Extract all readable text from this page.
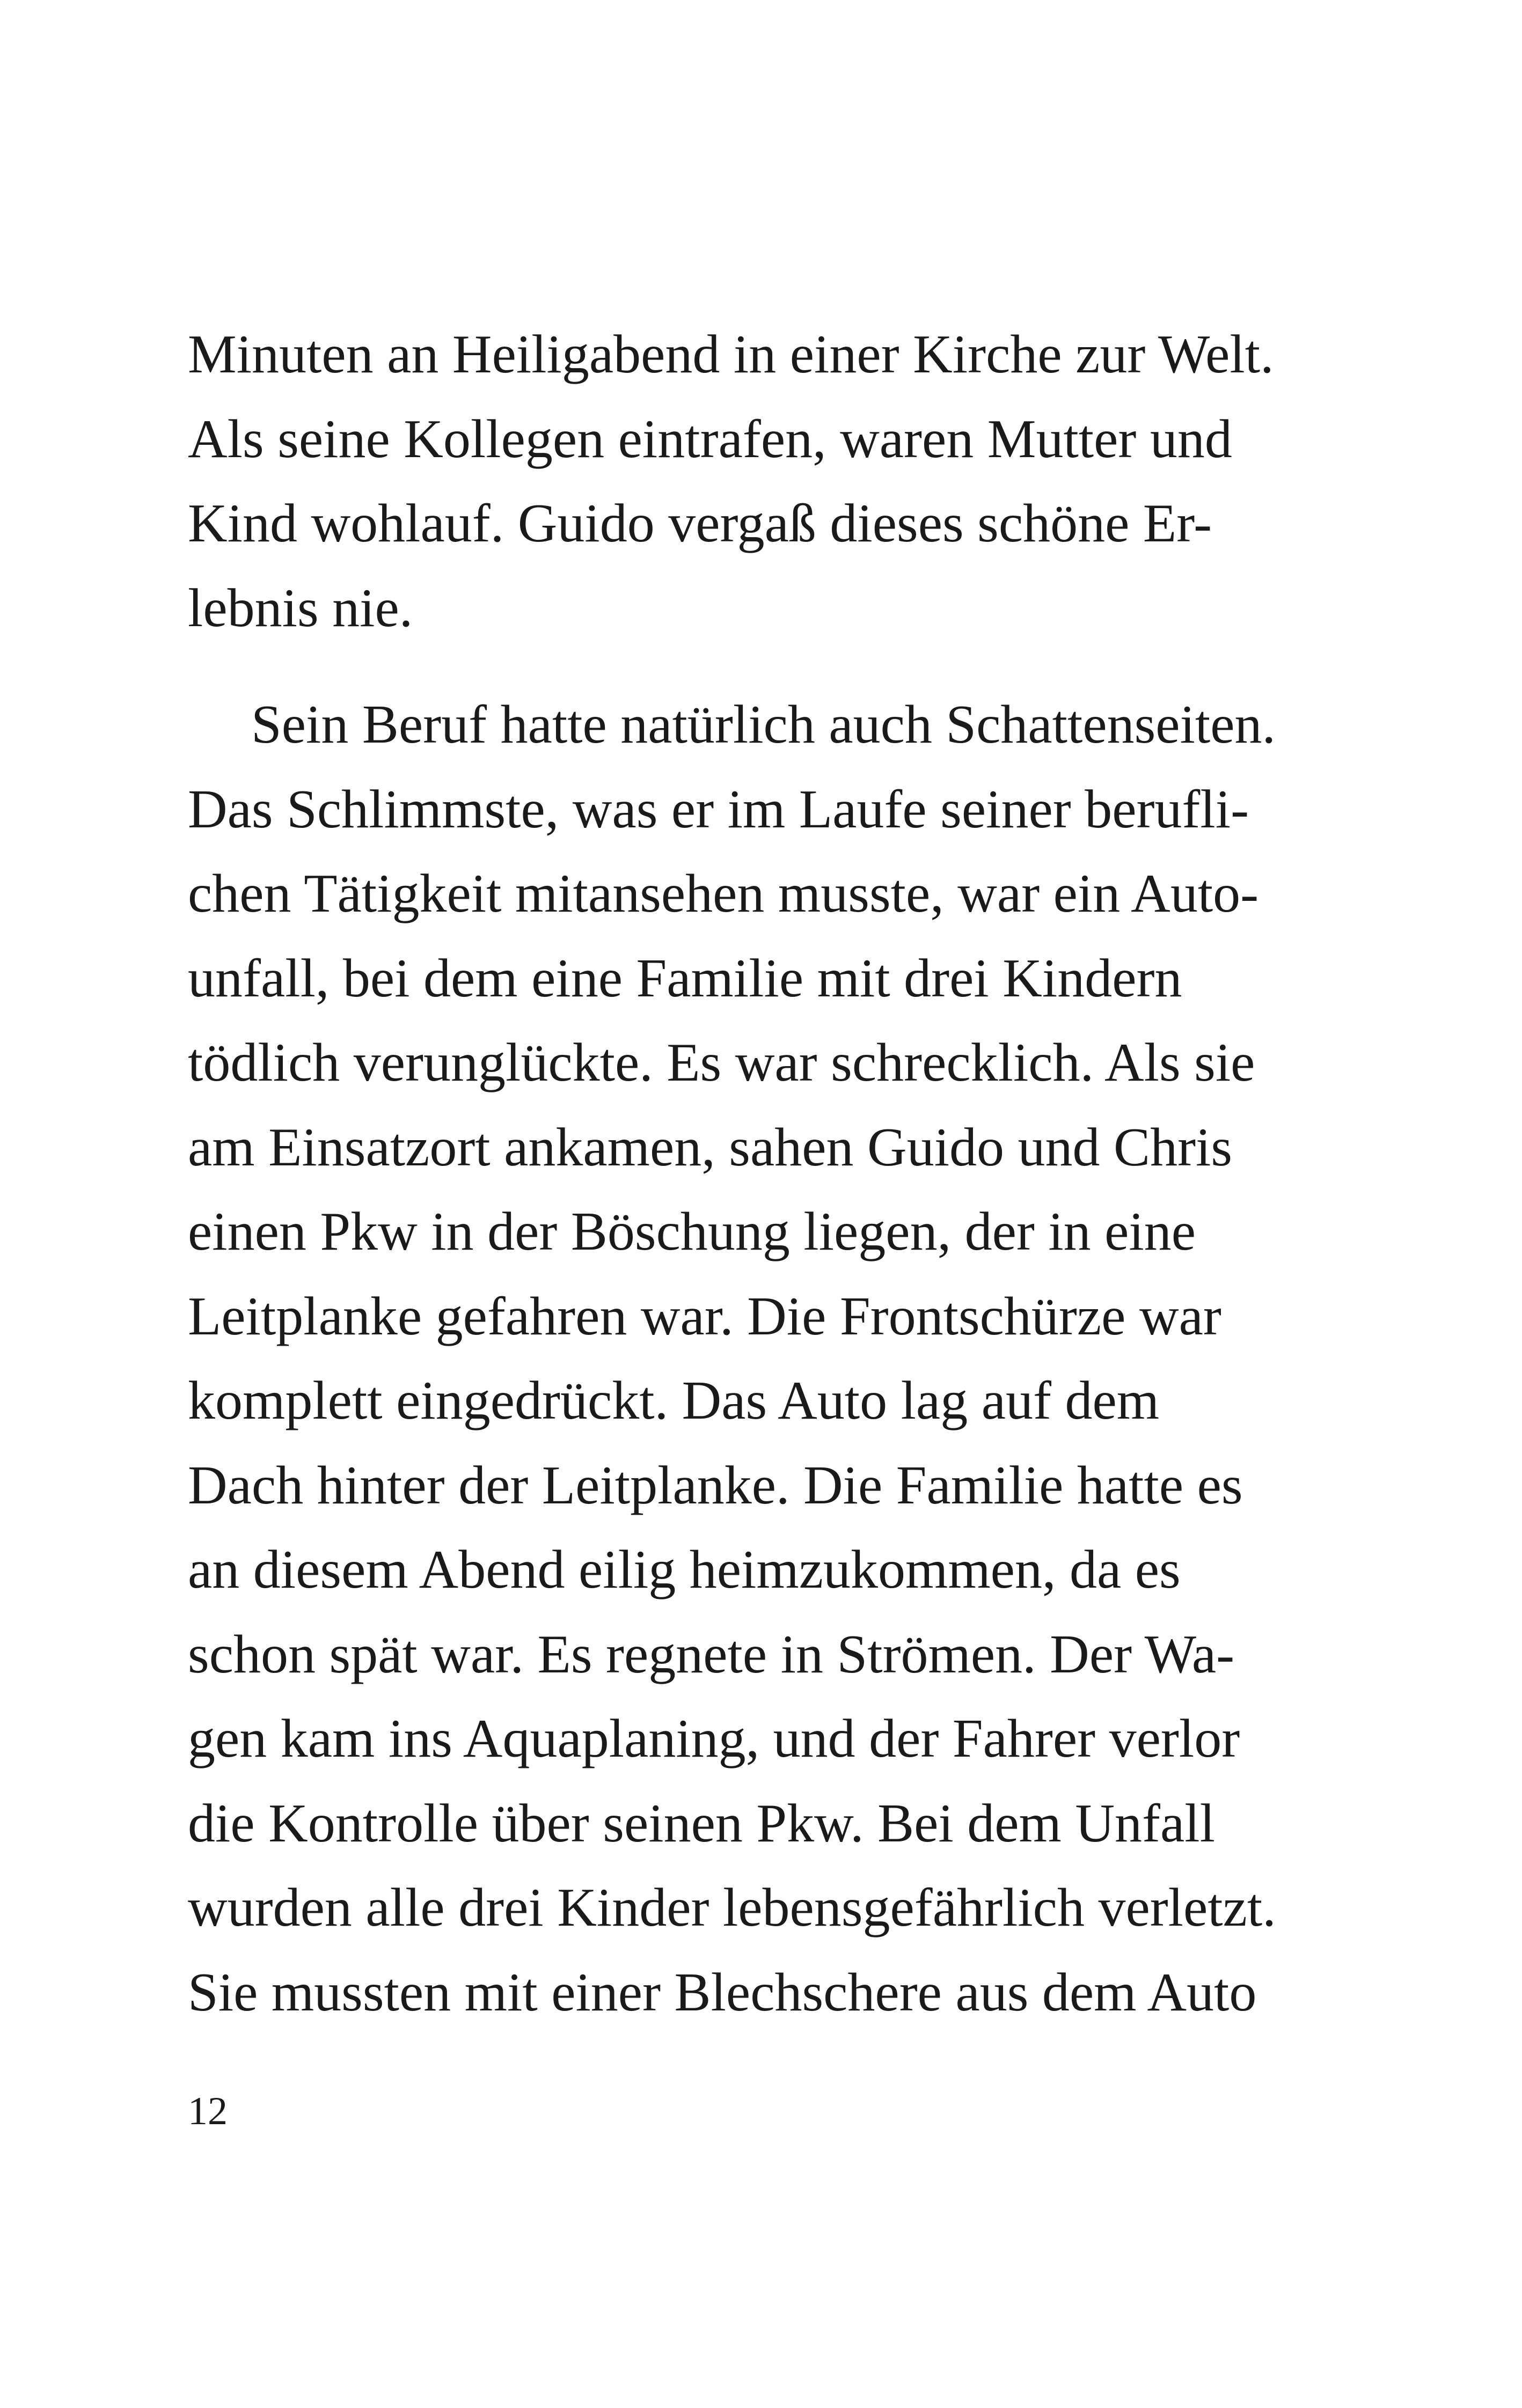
Minuten an Heiligabend in einer Kirche zur Welt.
Als seine Kollegen eintrafen, waren Mutter und
Kind wohlauf. Guido vergaß dieses schöne Er-
lebnis nie.
Sein Beruf hatte natürlich auch Schattenseiten.
Das Schlimmste, was er im Laufe seiner berufli-
chen Tätigkeit mitansehen musste, war ein Auto-
unfall, bei dem eine Familie mit drei Kindern
tödlich verunglückte. Es war schrecklich. Als sie
am Einsatzort ankamen, sahen Guido und Chris
einen Pkw in der Böschung liegen, der in eine
Leitplanke gefahren war. Die Frontschürze war
komplett eingedrückt. Das Auto lag auf dem
Dach hinter der Leitplanke. Die Familie hatte es
an diesem Abend eilig heimzukommen, da es
schon spät war. Es regnete in Strömen. Der Wa-
gen kam ins Aquaplaning, und der Fahrer verlor
die Kontrolle über seinen Pkw. Bei dem Unfall
wurden alle drei Kinder lebensgefährlich verletzt.
Sie mussten mit einer Blechschere aus dem Auto
12
